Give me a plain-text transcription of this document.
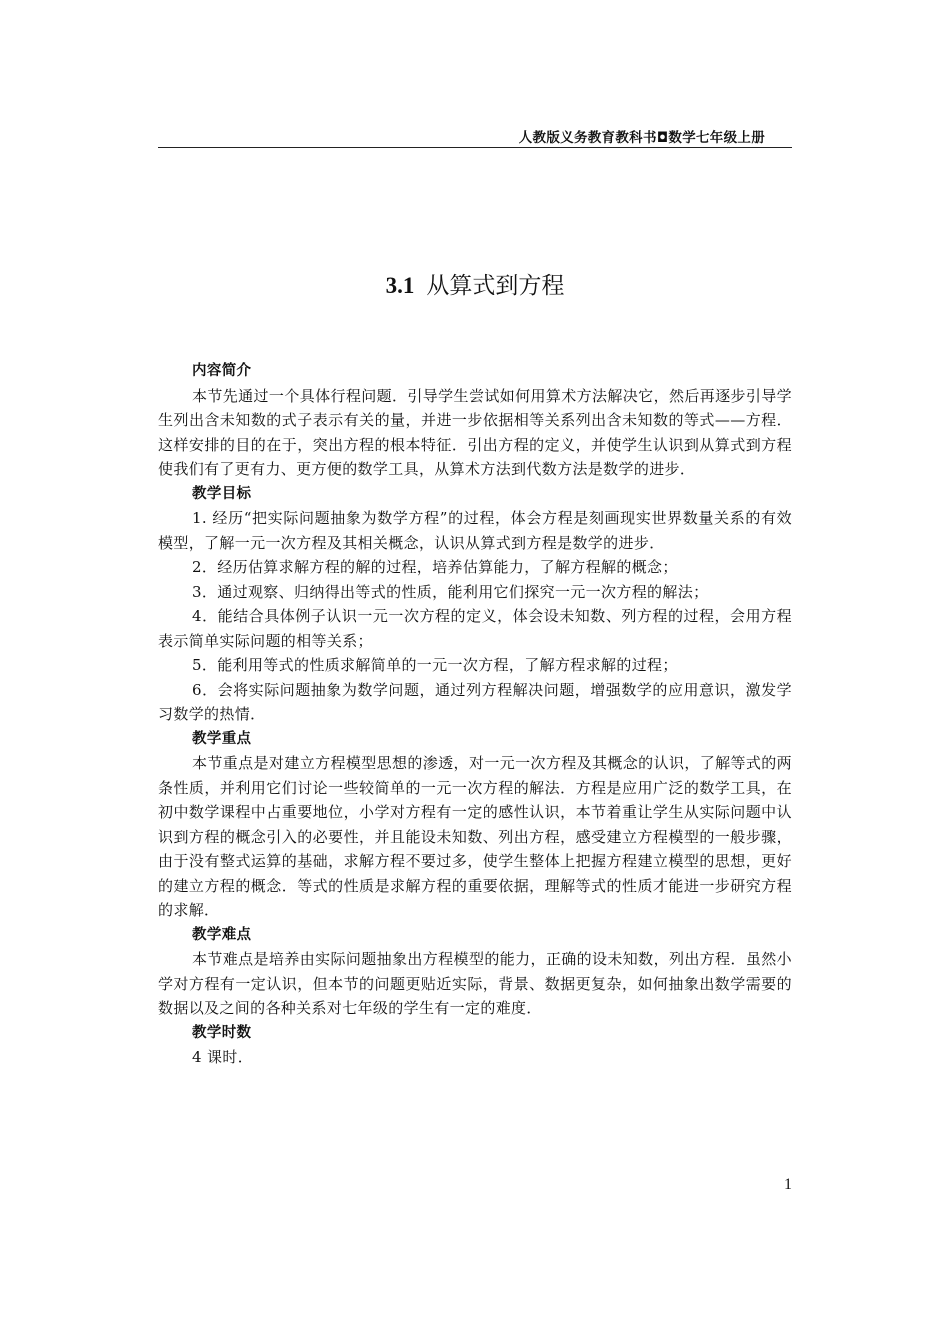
人教版义务教育教科书◘数学七年级上册
3.1 从算式到方程
内容简介

本节先通过一个具体行程问题．引导学生尝试如何用算术方法解决它，然后再逐步引导学生列出含未知数的式子表示有关的量，并进一步依据相等关系列出含未知数的等式——方程．这样安排的目的在于，突出方程的根本特征．引出方程的定义，并使学生认识到从算式到方程使我们有了更有力、更方便的数学工具，从算术方法到代数方法是数学的进步．

教学目标

1. 经历“把实际问题抽象为数学方程”的过程，体会方程是刻画现实世界数量关系的有效模型，了解一元一次方程及其相关概念，认识从算式到方程是数学的进步．

2．经历估算求解方程的解的过程，培养估算能力，了解方程解的概念；

3．通过观察、归纳得出等式的性质，能利用它们探究一元一次方程的解法；

4．能结合具体例子认识一元一次方程的定义，体会设未知数、列方程的过程，会用方程表示简单实际问题的相等关系；

5．能利用等式的性质求解简单的一元一次方程，了解方程求解的过程；

6．会将实际问题抽象为数学问题，通过列方程解决问题，增强数学的应用意识，激发学习数学的热情．

教学重点

本节重点是对建立方程模型思想的渗透，对一元一次方程及其概念的认识，了解等式的两条性质，并利用它们讨论一些较简单的一元一次方程的解法．方程是应用广泛的数学工具，在初中数学课程中占重要地位，小学对方程有一定的感性认识，本节着重让学生从实际问题中认识到方程的概念引入的必要性，并且能设未知数、列出方程，感受建立方程模型的一般步骤，由于没有整式运算的基础，求解方程不要过多，使学生整体上把握方程建立模型的思想，更好的建立方程的概念．等式的性质是求解方程的重要依据，理解等式的性质才能进一步研究方程的求解．

教学难点

本节难点是培养由实际问题抽象出方程模型的能力，正确的设未知数，列出方程．虽然小学对方程有一定认识，但本节的问题更贴近实际，背景、数据更复杂，如何抽象出数学需要的数据以及之间的各种关系对七年级的学生有一定的难度．

教学时数

4 课时．

1
